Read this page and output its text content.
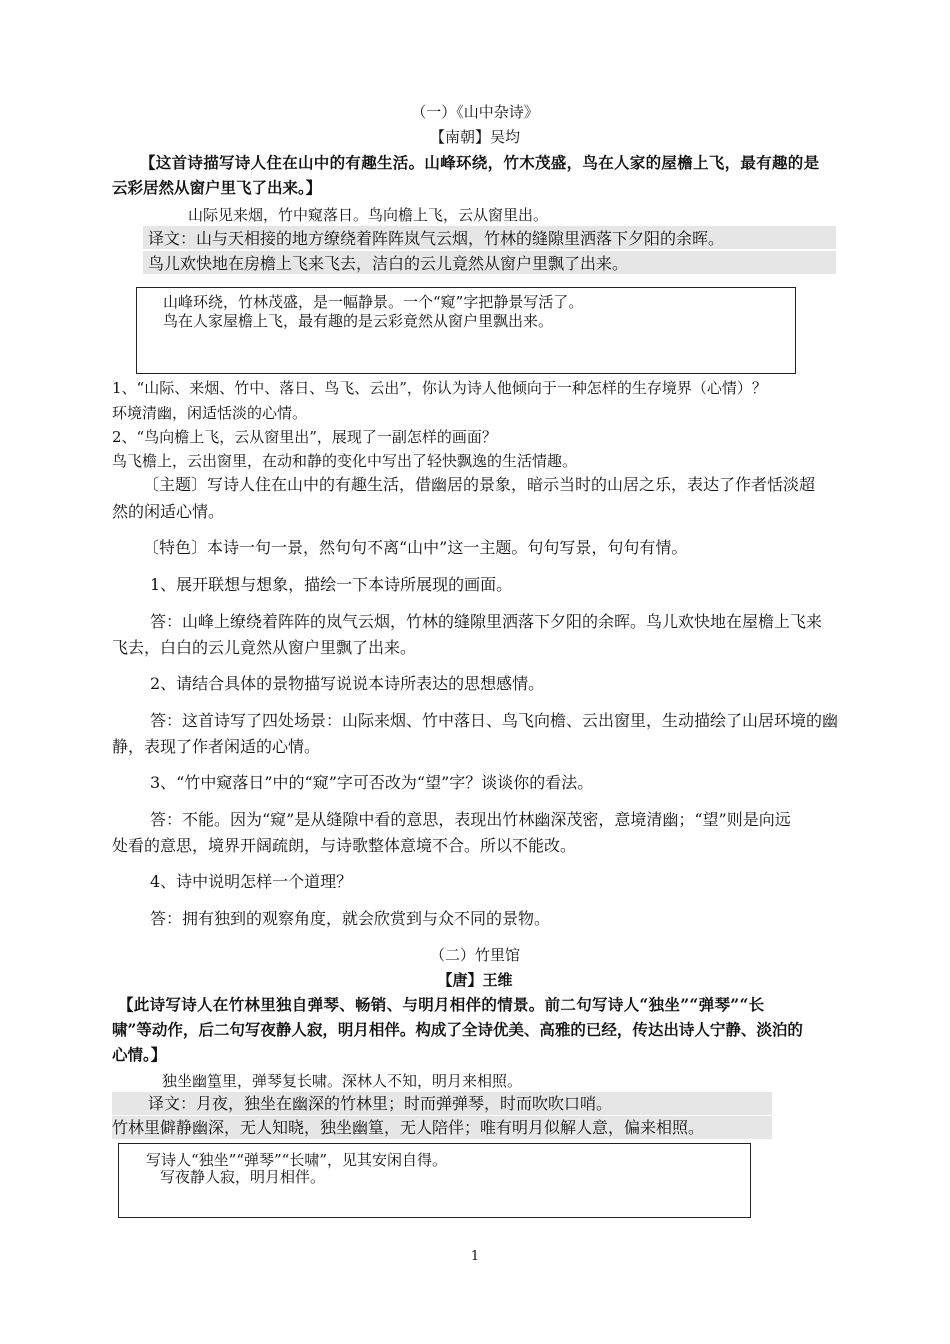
（一）《山中杂诗》
【南朝】吴均
【这首诗描写诗人住在山中的有趣生活。山峰环绕，竹木茂盛，鸟在人家的屋檐上飞，最有趣的是
云彩居然从窗户里飞了出来。】
山际见来烟，竹中窥落日。鸟向檐上飞，云从窗里出。
译文：山与天相接的地方缭绕着阵阵岚气云烟，竹林的缝隙里洒落下夕阳的余晖。
鸟儿欢快地在房檐上飞来飞去，洁白的云儿竟然从窗户里飘了出来。
山峰环绕，竹林茂盛，是一幅静景。一个“窥”字把静景写活了。
鸟在人家屋檐上飞，最有趣的是云彩竟然从窗户里飘出来。
1、“山际、来烟、竹中、落日、鸟飞、云出”，你认为诗人他倾向于一种怎样的生存境界（心情）？
环境清幽，闲适恬淡的心情。
2、“鸟向檐上飞，云从窗里出”，展现了一副怎样的画面？
鸟飞檐上，云出窗里，在动和静的变化中写出了轻快飘逸的生活情趣。
〔主题〕写诗人住在山中的有趣生活，借幽居的景象，暗示当时的山居之乐，表达了作者恬淡超
然的闲适心情。
〔特色〕本诗一句一景，然句句不离“山中”这一主题。句句写景，句句有情。
1、展开联想与想象，描绘一下本诗所展现的画面。
答：山峰上缭绕着阵阵的岚气云烟，竹林的缝隙里洒落下夕阳的余晖。鸟儿欢快地在屋檐上飞来
飞去，白白的云儿竟然从窗户里飘了出来。
2、请结合具体的景物描写说说本诗所表达的思想感情。
答：这首诗写了四处场景：山际来烟、竹中落日、鸟飞向檐、云出窗里，生动描绘了山居环境的幽
静，表现了作者闲适的心情。
3、“竹中窥落日”中的“窥”字可否改为“望”字？谈谈你的看法。
答：不能。因为“窥”是从缝隙中看的意思，表现出竹林幽深茂密，意境清幽；“望”则是向远
处看的意思，境界开阔疏朗，与诗歌整体意境不合。所以不能改。
4、诗中说明怎样一个道理？
答：拥有独到的观察角度，就会欣赏到与众不同的景物。
（二）竹里馆
【唐】王维
【此诗写诗人在竹林里独自弹琴、畅销、与明月相伴的情景。前二句写诗人“独坐”“弹琴”“长
啸”等动作，后二句写夜静人寂，明月相伴。构成了全诗优美、高雅的已经，传达出诗人宁静、淡泊的
心情。】
独坐幽篁里，弹琴复长啸。深林人不知，明月来相照。
译文：月夜，独坐在幽深的竹林里；时而弹弹琴，时而吹吹口哨。
竹林里僻静幽深，无人知晓，独坐幽篁，无人陪伴；唯有明月似解人意，偏来相照。
写诗人“独坐”“弹琴”“长啸”，见其安闲自得。
写夜静人寂，明月相伴。
1
